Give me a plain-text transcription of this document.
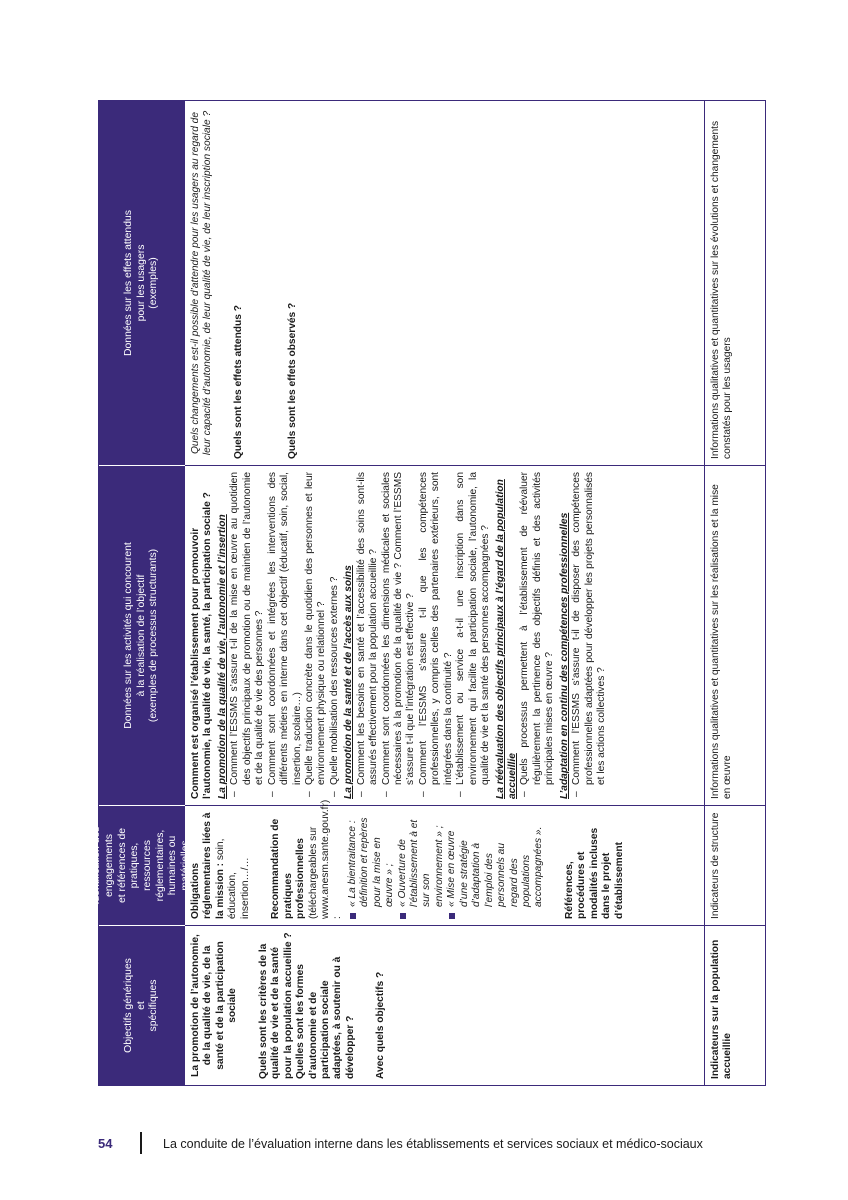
Objectifs génériques et spécifiques
Identification des engagements et références de pratiques, ressources réglementaires, humaines ou matérielles
Données sur les activités qui concourent à la réalisation de l’objectif (exemples de processus structurants)
Données sur les effets attendus pour les usagers (exemples)

La promotion de l’autonomie, de la qualité de vie, de la santé et de la participation sociale Quels sont les critères de la qualité de vie et de la santé pour la population accueillie ? Quelles sont les formes d’autonomie et de participation sociale adaptées, à soutenir ou à développer ? Avec quels objectifs ?

Obligations réglementaires liées à la mission : soin, éducation, insertion…/… Recommandation de pratiques professionnelles (téléchargeables sur www.anesm.sante.gouv.fr) :

« La bientraitance : définition et repères pour la mise en œuvre » ; « Ouverture de l’établissement à et sur son environnement » ; « Mise en œuvre d’une stratégie d’adaptation à l’emploi des personnels au regard des populations accompagnées ». Références, procédures et modalités incluses dans le projet d’établissement

Comment est organisé l’établissement pour promouvoir l’autonomie, la qualité de vie, la santé, la participation sociale ? La promotion de la qualité de vie, l’autonomie et l’insertion –
Comment l’ESSMS s’assure t-il de la mise en œuvre au quotidien des objectifs principaux de promotion ou de maintien de l’autonomie et de la qualité de vie des personnes ?
–
Comment sont coordonnées et intégrées les interventions des différents métiers en interne dans cet objectif (éducatif, soin, social, insertion, scolaire…)
–
Quelle traduction concrète dans le quotidien des personnes et leur environnement physique ou relationnel ?
–
Quelle mobilisation des ressources externes ? La promotion de la santé et de l’accès aux soins –
Comment les besoins en santé et l’accessibilité des soins sont-ils assurés effectivement pour la population accueillie ?
–
Comment sont coordonnées les dimensions médicales et sociales nécessaires à la promotion de la qualité de vie ? Comment l’ESSMS s’assure t-il que l’intégration est effective ?
–
Comment l’ESSMS s’assure t-il que les compétences professionnelles, y compris celles des partenaires extérieurs, sont intégrées dans la continuité ?
–
L’établissement ou service a-t-il une inscription dans son environnement qui facilite la participation sociale, l’autonomie, la qualité de vie et la santé des personnes accompagnées ? La réévaluation des objectifs principaux à l’égard de la population accueillie –
Quels processus permettent à l’établissement de réévaluer régulièrement la pertinence des objectifs définis et des activités principales mises en œuvre ? L’adaptation en continu des compétences professionnelles –
Comment l’ESSMS s’assure t-il de disposer des compétences professionnelles adaptées pour développer les projets personnalisés et les actions collectives ?

Quels changements est-il possible d’attendre pour les usagers au regard de leur capacité d’autonomie, de leur qualité de vie, de leur inscription sociale ? Quels sont les effets attendus ?	Quels sont les effets observés ?

Indicateurs sur la population accueillie
Indicateurs de structure
Informations qualitatives et quantitatives sur les réalisations et la mise en œuvre
Informations qualitatives et quantitatives sur les évolutions et changements constatés pour les usagers
54	La conduite de l’évaluation interne dans les établissements et services sociaux et médico-sociaux
